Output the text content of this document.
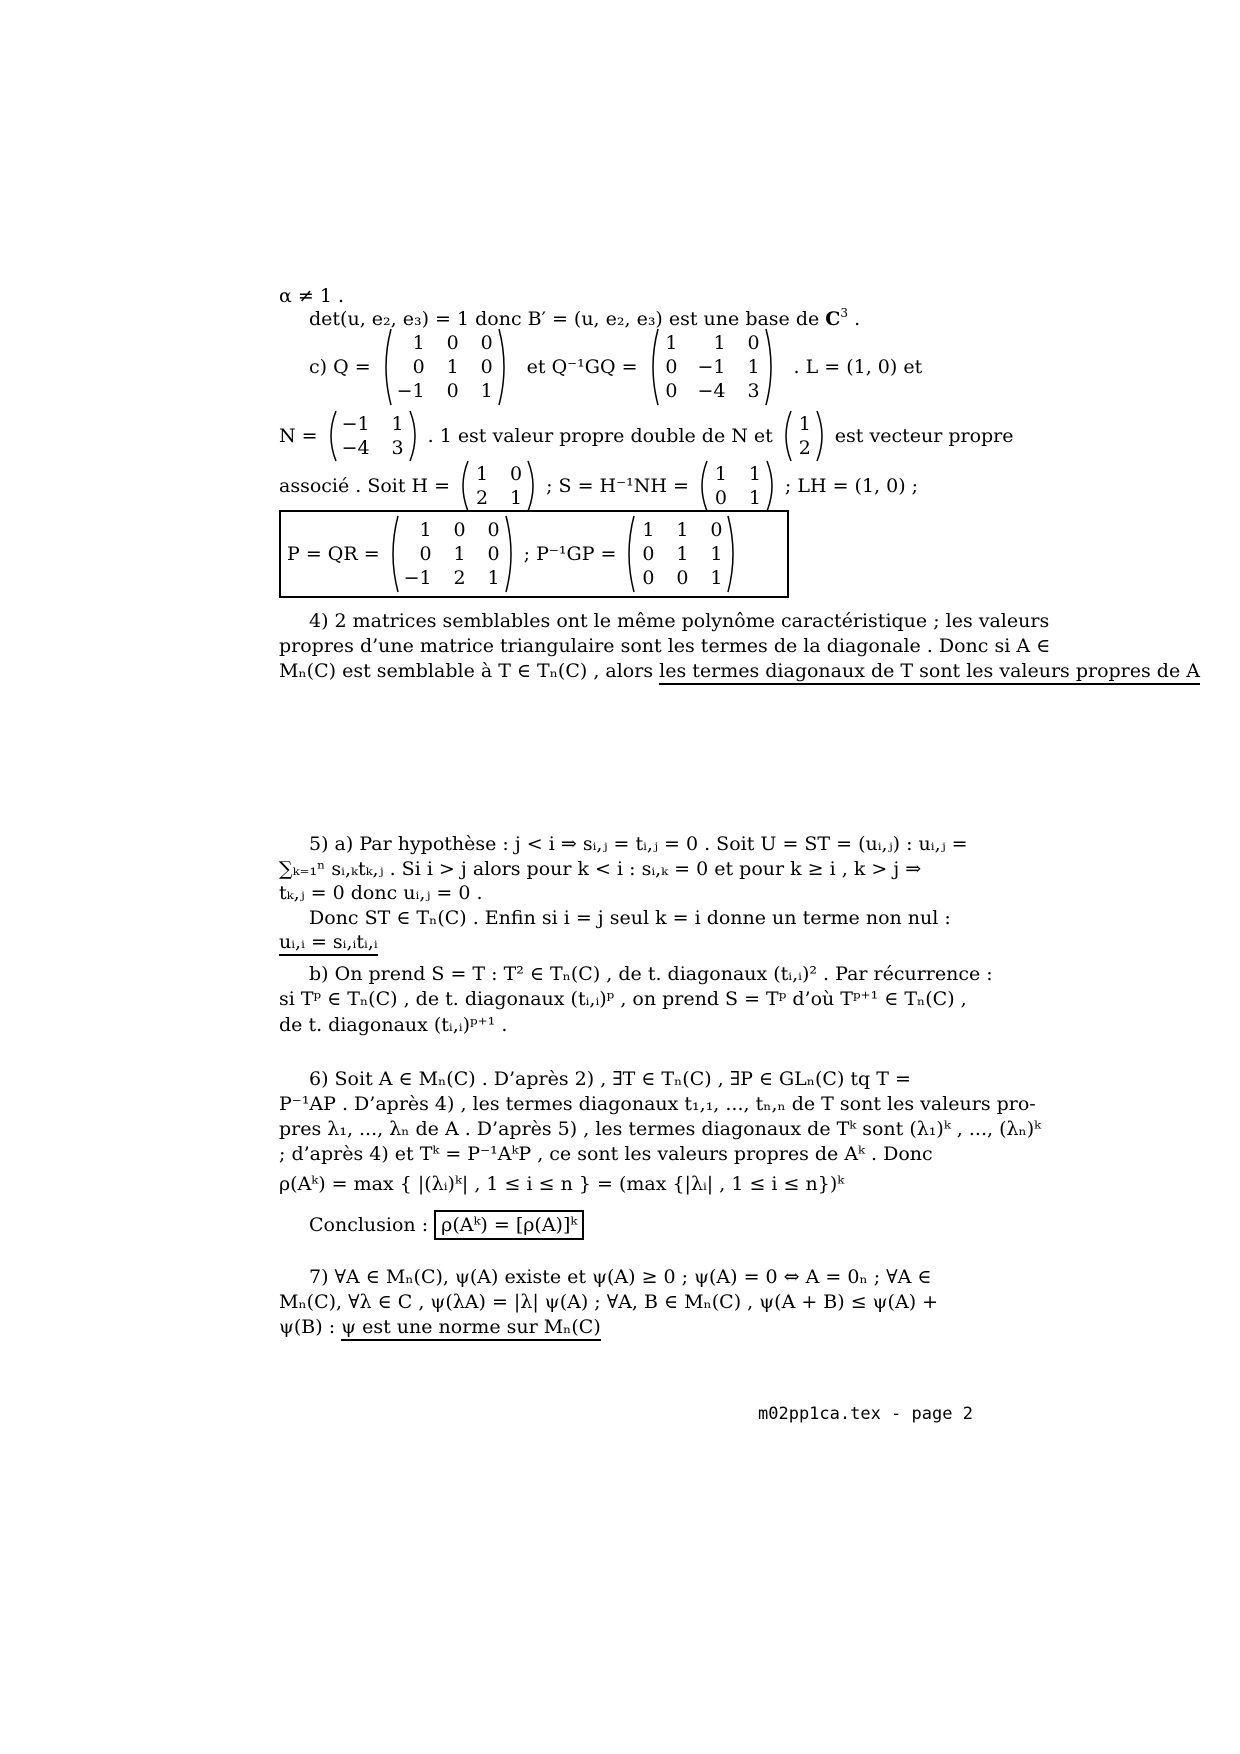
α ≠ 1 .
det(u, e₂, e₃) = 1 donc B′ = (u, e₂, e₃) est une base de $C^3$ .
c) Q =
1 0 0
0 1 0
−1 0 1
et Q⁻¹GQ =
1	1 0
0 −1 1
0 −4 3
. L = (1, 0) et
N =
−1 1
−4 3
. 1 est valeur propre double de N et
1
2
est vecteur propre
associé . Soit H =
1 0
2 1
; S = H⁻¹NH =
1 1
0 1
; LH = (1, 0) ;
P = QR =
1 0 0
0 1 0
−1 2 1
; P⁻¹GP =
1 1 0
0 1 1
0 0 1
4) 2 matrices semblables ont le même polynôme caractéristique ; les valeurs
propres d’une matrice triangulaire sont les termes de la diagonale . Donc si A ∈
Mₙ(C) est semblable à T ∈ Tₙ(C) , alors les termes diagonaux de T sont les valeurs propres de A
5) a) Par hypothèse : j < i ⇒ sᵢ,ⱼ = tᵢ,ⱼ = 0 . Soit U = ST = (uᵢ,ⱼ) : uᵢ,ⱼ =
∑ₖ₌₁ⁿ sᵢ,ₖtₖ,ⱼ . Si i > j alors pour k < i : sᵢ,ₖ = 0 et pour k ≥ i , k > j ⇒
tₖ,ⱼ = 0 donc uᵢ,ⱼ = 0 .
Donc ST ∈ Tₙ(C) . Enfin si i = j seul k = i donne un terme non nul :
uᵢ,ᵢ = sᵢ,ᵢtᵢ,ᵢ
b) On prend S = T : T² ∈ Tₙ(C) , de t. diagonaux (tᵢ,ᵢ)² . Par récurrence :
si Tᵖ ∈ Tₙ(C) , de t. diagonaux (tᵢ,ᵢ)ᵖ , on prend S = Tᵖ d’où Tᵖ⁺¹ ∈ Tₙ(C) ,
de t. diagonaux (tᵢ,ᵢ)ᵖ⁺¹ .
6) Soit A ∈ Mₙ(C) . D’après 2) , ∃T ∈ Tₙ(C) , ∃P ∈ GLₙ(C) tq T =
P⁻¹AP . D’après 4) , les termes diagonaux t₁,₁, ..., tₙ,ₙ de T sont les valeurs pro-
pres λ₁, ..., λₙ de A . D’après 5) , les termes diagonaux de Tᵏ sont (λ₁)ᵏ , ..., (λₙ)ᵏ
; d’après 4) et Tᵏ = P⁻¹AᵏP , ce sont les valeurs propres de Aᵏ . Donc
ρ(Aᵏ) = max { |(λᵢ)ᵏ| , 1 ≤ i ≤ n } = (max {|λᵢ| , 1 ≤ i ≤ n})ᵏ
Conclusion : ρ(Aᵏ) = [ρ(A)]ᵏ
7) ∀A ∈ Mₙ(C), ψ(A) existe et ψ(A) ≥ 0 ; ψ(A) = 0 ⇔ A = 0ₙ ; ∀A ∈
Mₙ(C), ∀λ ∈ C , ψ(λA) = |λ| ψ(A) ; ∀A, B ∈ Mₙ(C) , ψ(A + B) ≤ ψ(A) +
ψ(B) : ψ est une norme sur Mₙ(C)
m02pp1ca.tex - page 2
